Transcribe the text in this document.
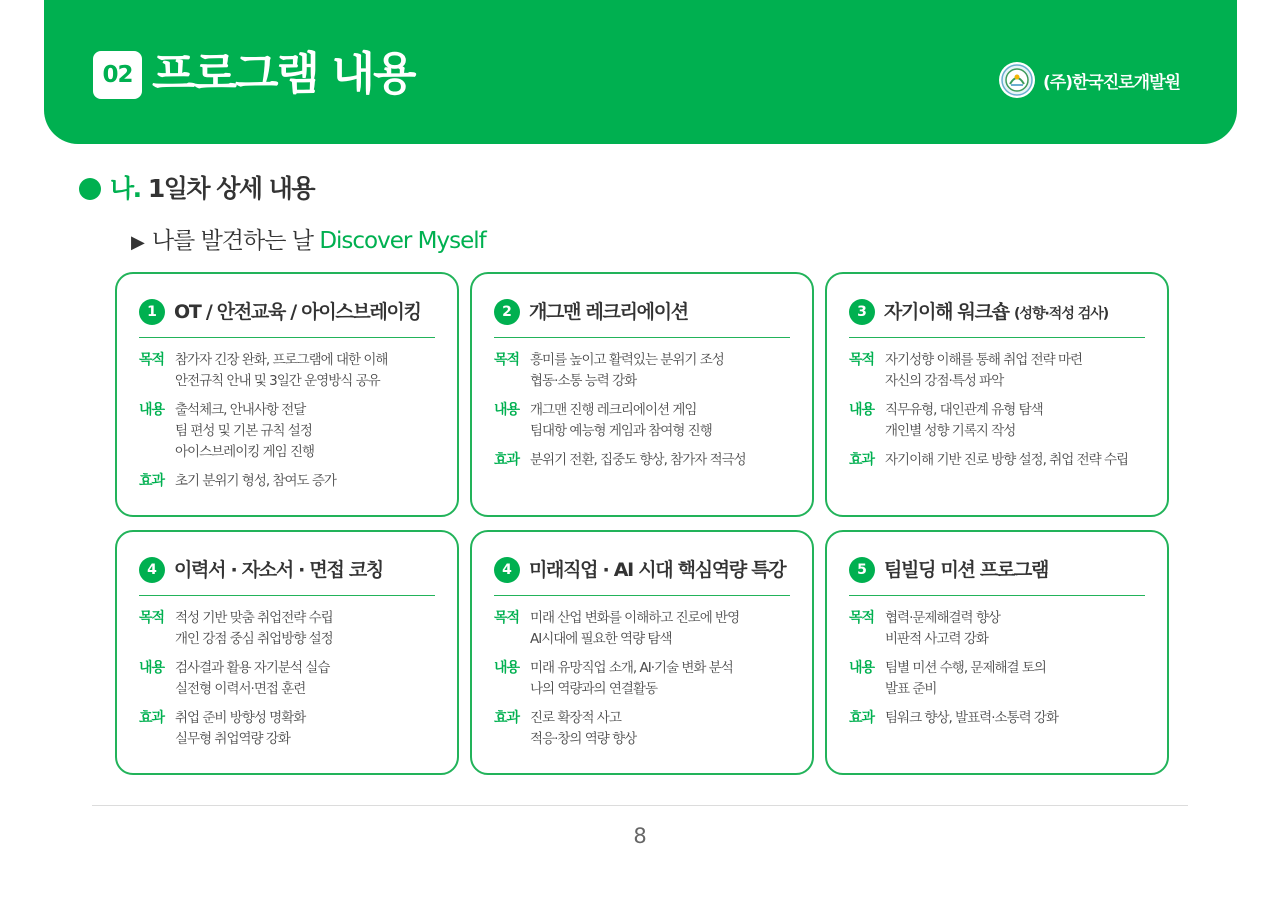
02 프로그램 내용	(주)한국진로개발원
나. 1일차 상세 내용
▶ 나를 발견하는 날 Discover Myself
1 OT / 안전교육 / 아이스브레이킹
목적 참가자 긴장 완화, 프로그램에 대한 이해
안전규칙 안내 및 3일간 운영방식 공유
내용 출석체크, 안내사항 전달
팀 편성 및 기본 규칙 설정
아이스브레이킹 게임 진행
효과 초기 분위기 형성, 참여도 증가
2 개그맨 레크리에이션
목적 흥미를 높이고 활력있는 분위기 조성
협동·소통 능력 강화
내용 개그맨 진행 레크리에이션 게임
팀대항 예능형 게임과 참여형 진행
효과 분위기 전환, 집중도 향상, 참가자 적극성
3 자기이해 워크숍 (성향·적성 검사)
목적 자기성향 이해를 통해 취업 전략 마련
자신의 강점·특성 파악
내용 직무유형, 대인관계 유형 탐색
개인별 성향 기록지 작성
효과 자기이해 기반 진로 방향 설정, 취업 전략 수립
4 이력서 · 자소서 · 면접 코칭
목적 적성 기반 맞춤 취업전략 수립
개인 강점 중심 취업방향 설정
내용 검사결과 활용 자기분석 실습
실전형 이력서·면접 훈련
효과 취업 준비 방향성 명확화
실무형 취업역량 강화
4 미래직업 · AI 시대 핵심역량 특강
목적 미래 산업 변화를 이해하고 진로에 반영
AI시대에 필요한 역량 탐색
내용 미래 유망직업 소개, AI·기술 변화 분석
나의 역량과의 연결활동
효과 진로 확장적 사고
적응·창의 역량 향상
5 팀빌딩 미션 프로그램
목적 협력·문제해결력 향상
비판적 사고력 강화
내용 팀별 미션 수행, 문제해결 토의
발표 준비
효과 팀워크 향상, 발표력·소통력 강화
8
